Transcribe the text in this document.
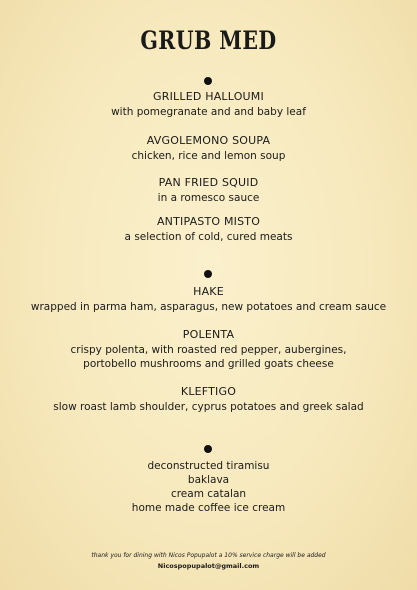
GRUB MED
GRILLED HALLOUMI
with pomegranate and and baby leaf
AVGOLEMONO SOUPA
chicken, rice and lemon soup
PAN FRIED SQUID
in a romesco sauce
ANTIPASTO MISTO
a selection of cold, cured meats
HAKE
wrapped in parma ham, asparagus, new potatoes and cream sauce
POLENTA
crispy polenta, with roasted red pepper, aubergines,
portobello mushrooms and grilled goats cheese
KLEFTIGO
slow roast lamb shoulder, cyprus potatoes and greek salad
deconstructed tiramisu
baklava
cream catalan
home made coffee ice cream
thank you for dining with Nicos Popupalot a 10% service charge will be added
Nicospopupalot@gmail.com
